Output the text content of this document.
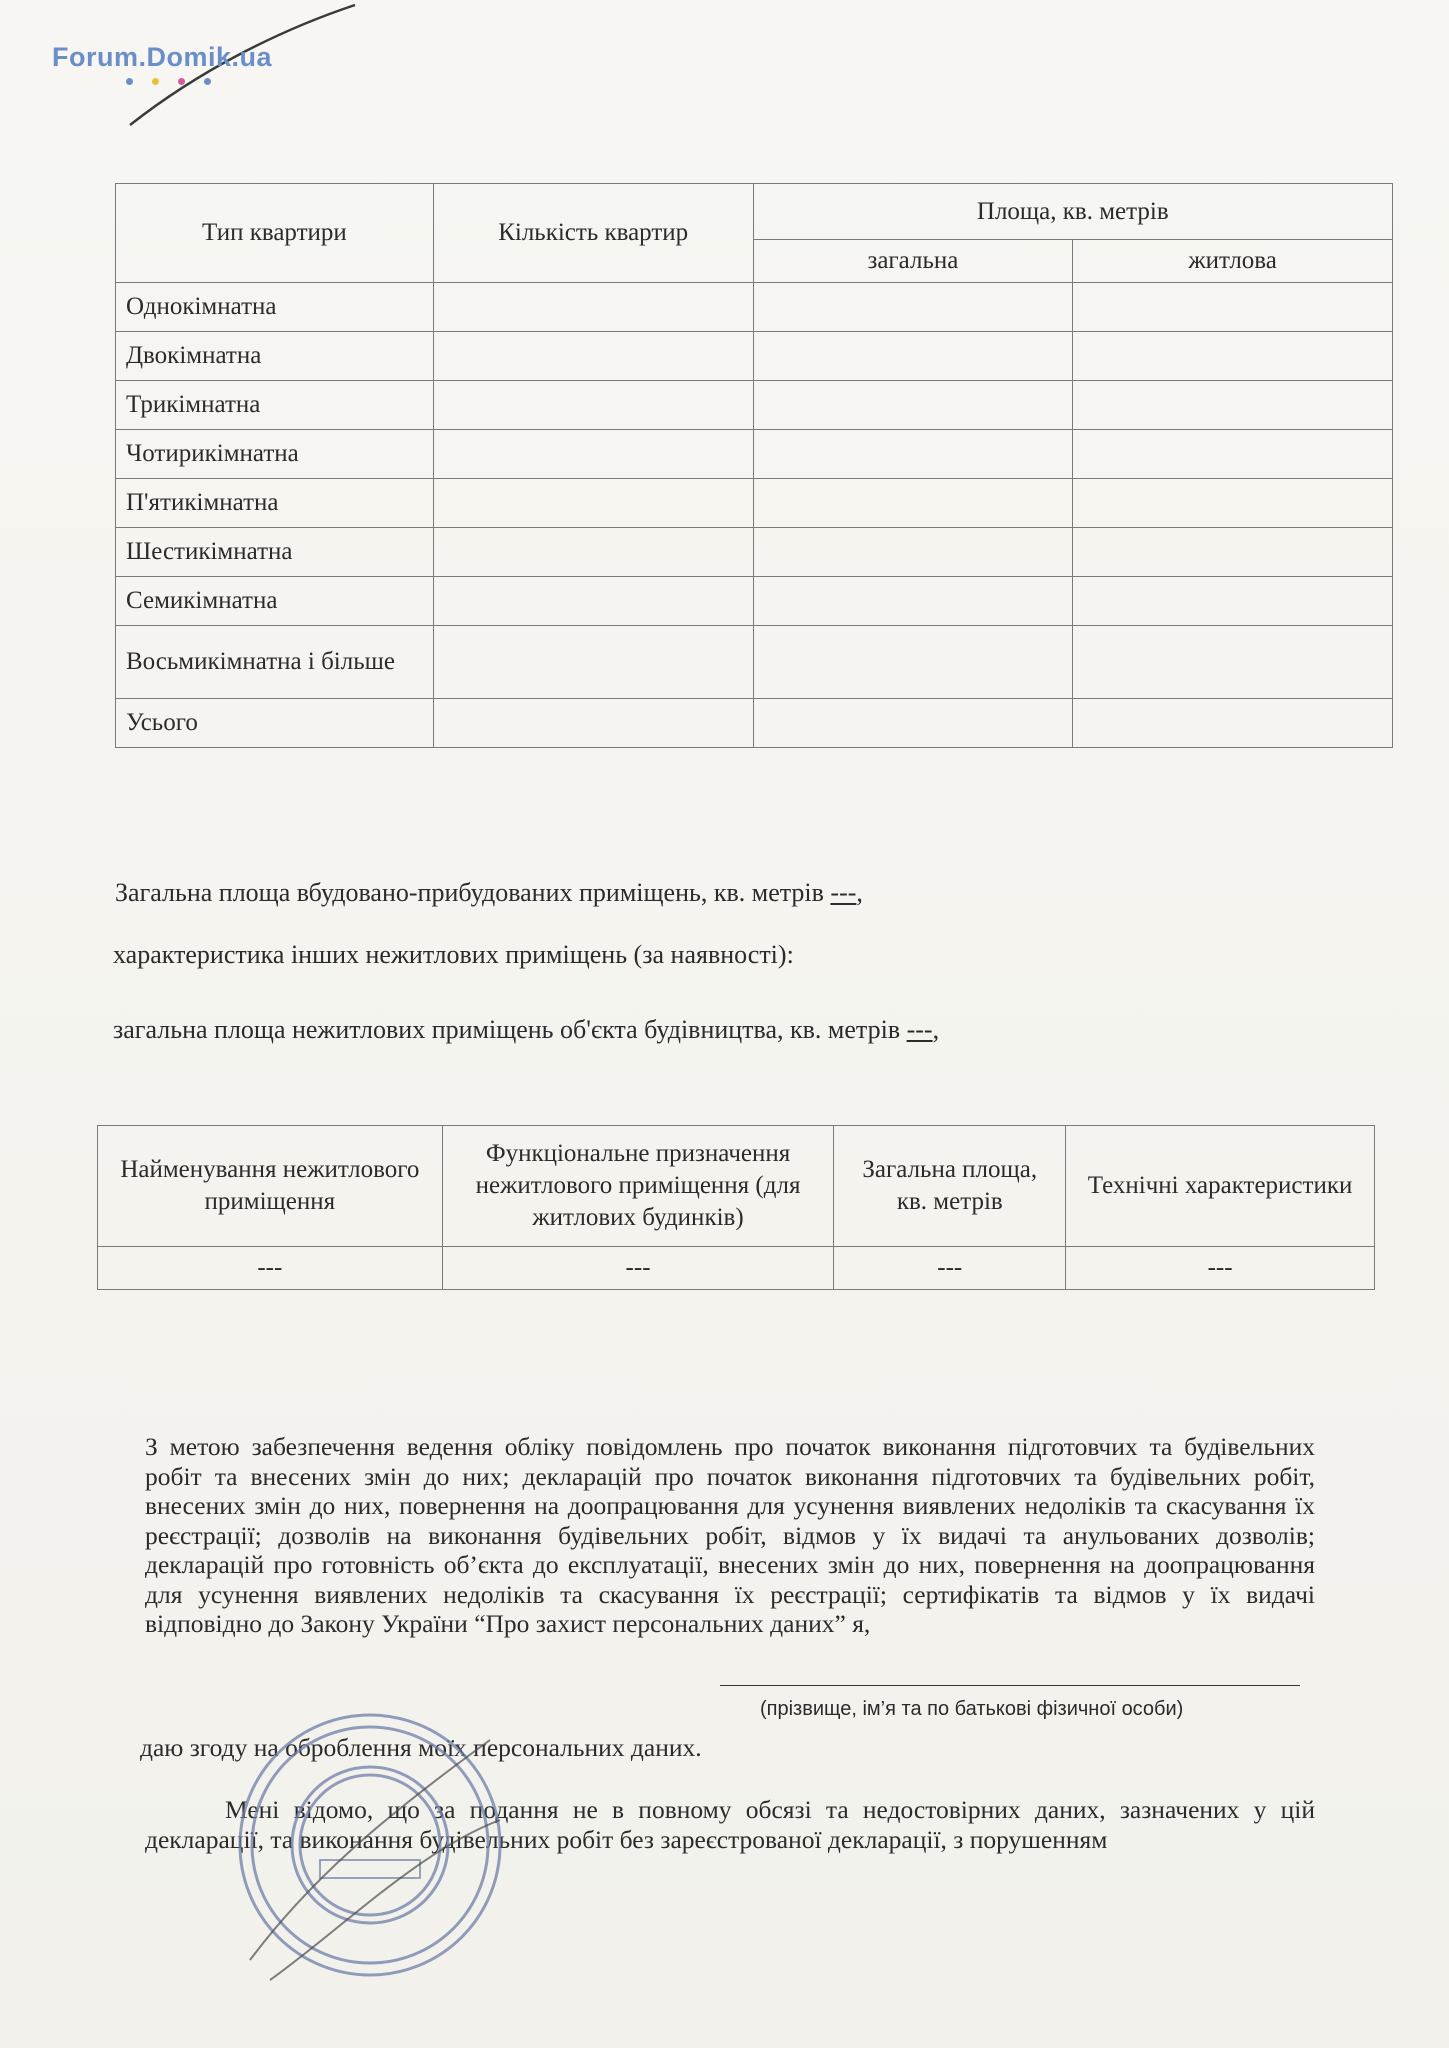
Forum.Domik.ua
Тип квартири	Кількість квартир	Площа, кв. метрів	
		загальна	житлова
Однокімнатна			
Двокімнатна			
Трикімнатна			
Чотирикімнатна			
П'ятикімнатна			
Шестикімнатна			
Семикімнатна			
Восьмикімнатна і більше			
Усього			
Загальна площа вбудовано-прибудованих приміщень, кв. метрів ---,
характеристика інших нежитлових приміщень (за наявності):
загальна площа нежитлових приміщень об'єкта будівництва, кв. метрів ---,
Найменування нежитлового приміщення	Функціональне призначення нежитлового приміщення (для житлових будинків)	Загальна площа, кв. метрів	Технічні характеристики
---	---	---	---
З метою забезпечення ведення обліку повідомлень про початок виконання підготовчих та будівельних робіт та внесених змін до них; декларацій про початок виконання підготовчих та будівельних робіт, внесених змін до них, повернення на доопрацювання для усунення виявлених недоліків та скасування їх реєстрації; дозволів на виконання будівельних робіт, відмов у їх видачі та анульованих дозволів; декларацій про готовність об’єкта до експлуатації, внесених змін до них, повернення на доопрацювання для усунення виявлених недоліків та скасування їх реєстрації; сертифікатів та відмов у їх видачі відповідно до Закону України “Про захист персональних даних” я,
(прізвище, ім’я та по батькові фізичної особи)
даю згоду на оброблення моїх персональних даних.
Мені відомо, що за подання не в повному обсязі та недостовірних даних, зазначених у цій декларації, та виконання будівельних робіт без зареєстрованої декларації, з порушенням
